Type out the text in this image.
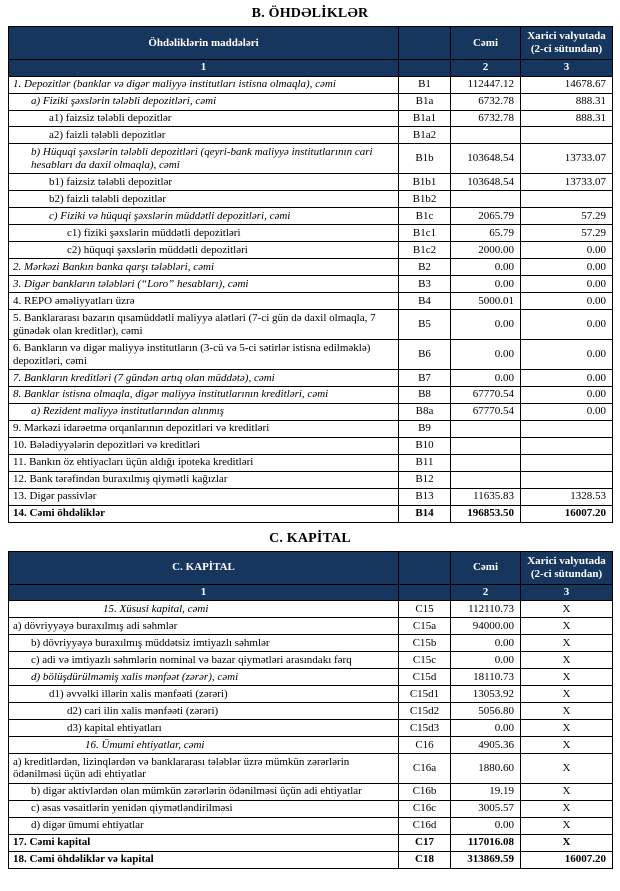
B. ÖHDƏLİKLƏR
Öhdəliklərin maddələri		Cəmi	Xarici valyutada (2-ci sütundan)
1		2	3
1. Depozitlər (banklar və digər maliyyə institutları istisna olmaqla), cəmi	B1	112447.12	14678.67
a) Fiziki şəxslərin tələbli depozitləri, cəmi	B1a	6732.78	888.31
a1) faizsiz tələbli depozitlər	B1a1	6732.78	888.31
a2) faizli tələbli depozitlər	B1a2		
b) Hüquqi şəxslərin tələbli depozitləri (qeyri-bank maliyyə institutlarının cari hesabları da daxil olmaqla), cəmi	B1b	103648.54	13733.07
b1) faizsiz tələbli depozitlər	B1b1	103648.54	13733.07
b2) faizli tələbli depozitlər	B1b2		
c) Fiziki və hüquqi şəxslərin müddətli depozitləri, cəmi	B1c	2065.79	57.29
c1) fiziki şəxslərin müddətli depozitləri	B1c1	65.79	57.29
c2) hüquqi şəxslərin müddətli depozitləri	B1c2	2000.00	0.00
2. Mərkəzi Bankın banka qarşı tələbləri, cəmi	B2	0.00	0.00
3. Digər bankların tələbləri (“Loro” hesabları), cəmi	B3	0.00	0.00
4. REPO əməliyyatları üzrə	B4	5000.01	0.00
5. Banklararası bazarın qısamüddətli maliyyə alətləri (7-ci gün də daxil olmaqla, 7 günədək olan kreditlər), cəmi	B5	0.00	0.00
6. Bankların və digər maliyyə institutların (3-cü və 5-ci sətirlər istisna edilməklə) depozitləri, cəmi	B6	0.00	0.00
7. Bankların kreditləri (7 gündən artıq olan müddətə), cəmi	B7	0.00	0.00
8. Banklar istisna olmaqla, digər maliyyə institutlarının kreditləri, cəmi	B8	67770.54	0.00
a) Rezident maliyyə institutlarından alınmış	B8a	67770.54	0.00
9. Mərkəzi idarəetmə orqanlarının depozitləri və kreditləri	B9		
10. Bələdiyyələrin depozitləri və kreditləri	B10		
11. Bankın öz ehtiyacları üçün aldığı ipoteka kreditləri	B11		
12. Bank tərəfindən buraxılmış qiymətli kağızlar	B12		
13. Digər passivlər	B13	11635.83	1328.53
14. Cəmi öhdəliklər	B14	196853.50	16007.20
C. KAPİTAL
C. KAPİTAL		Cəmi	Xarici valyutada (2-ci sütundan)
1		2	3
15. Xüsusi kapital, cəmi	C15	112110.73	X
a) dövriyyəyə buraxılmış adi səhmlər	C15a	94000.00	X
b) dövriyyəyə buraxılmış müddətsiz imtiyazlı səhmlər	C15b	0.00	X
c) adi və imtiyazlı səhmlərin nominal və bazar qiymətləri arasındakı fərq	C15c	0.00	X
d) bölüşdürülməmiş xalis mənfəət (zərər), cəmi	C15d	18110.73	X
d1) əvvəlki illərin xalis mənfəəti (zərəri)	C15d1	13053.92	X
d2) cari ilin xalis mənfəəti (zərəri)	C15d2	5056.80	X
d3) kapital ehtiyatları	C15d3	0.00	X
16. Ümumi ehtiyatlar, cəmi	C16	4905.36	X
a) kreditlərdən, lizinqlərdən və banklararası tələblər üzrə mümkün zərərlərin ödənilməsi üçün adi ehtiyatlar	C16a	1880.60	X
b) digər aktivlərdən olan mümkün zərərlərin ödənilməsi üçün adi ehtiyatlar	C16b	19.19	X
c) əsas vəsaitlərin yenidən qiymətləndirilməsi	C16c	3005.57	X
d) digər ümumi ehtiyatlar	C16d	0.00	X
17. Cəmi kapital	C17	117016.08	X
18. Cəmi öhdəliklər və kapital	C18	313869.59	16007.20
